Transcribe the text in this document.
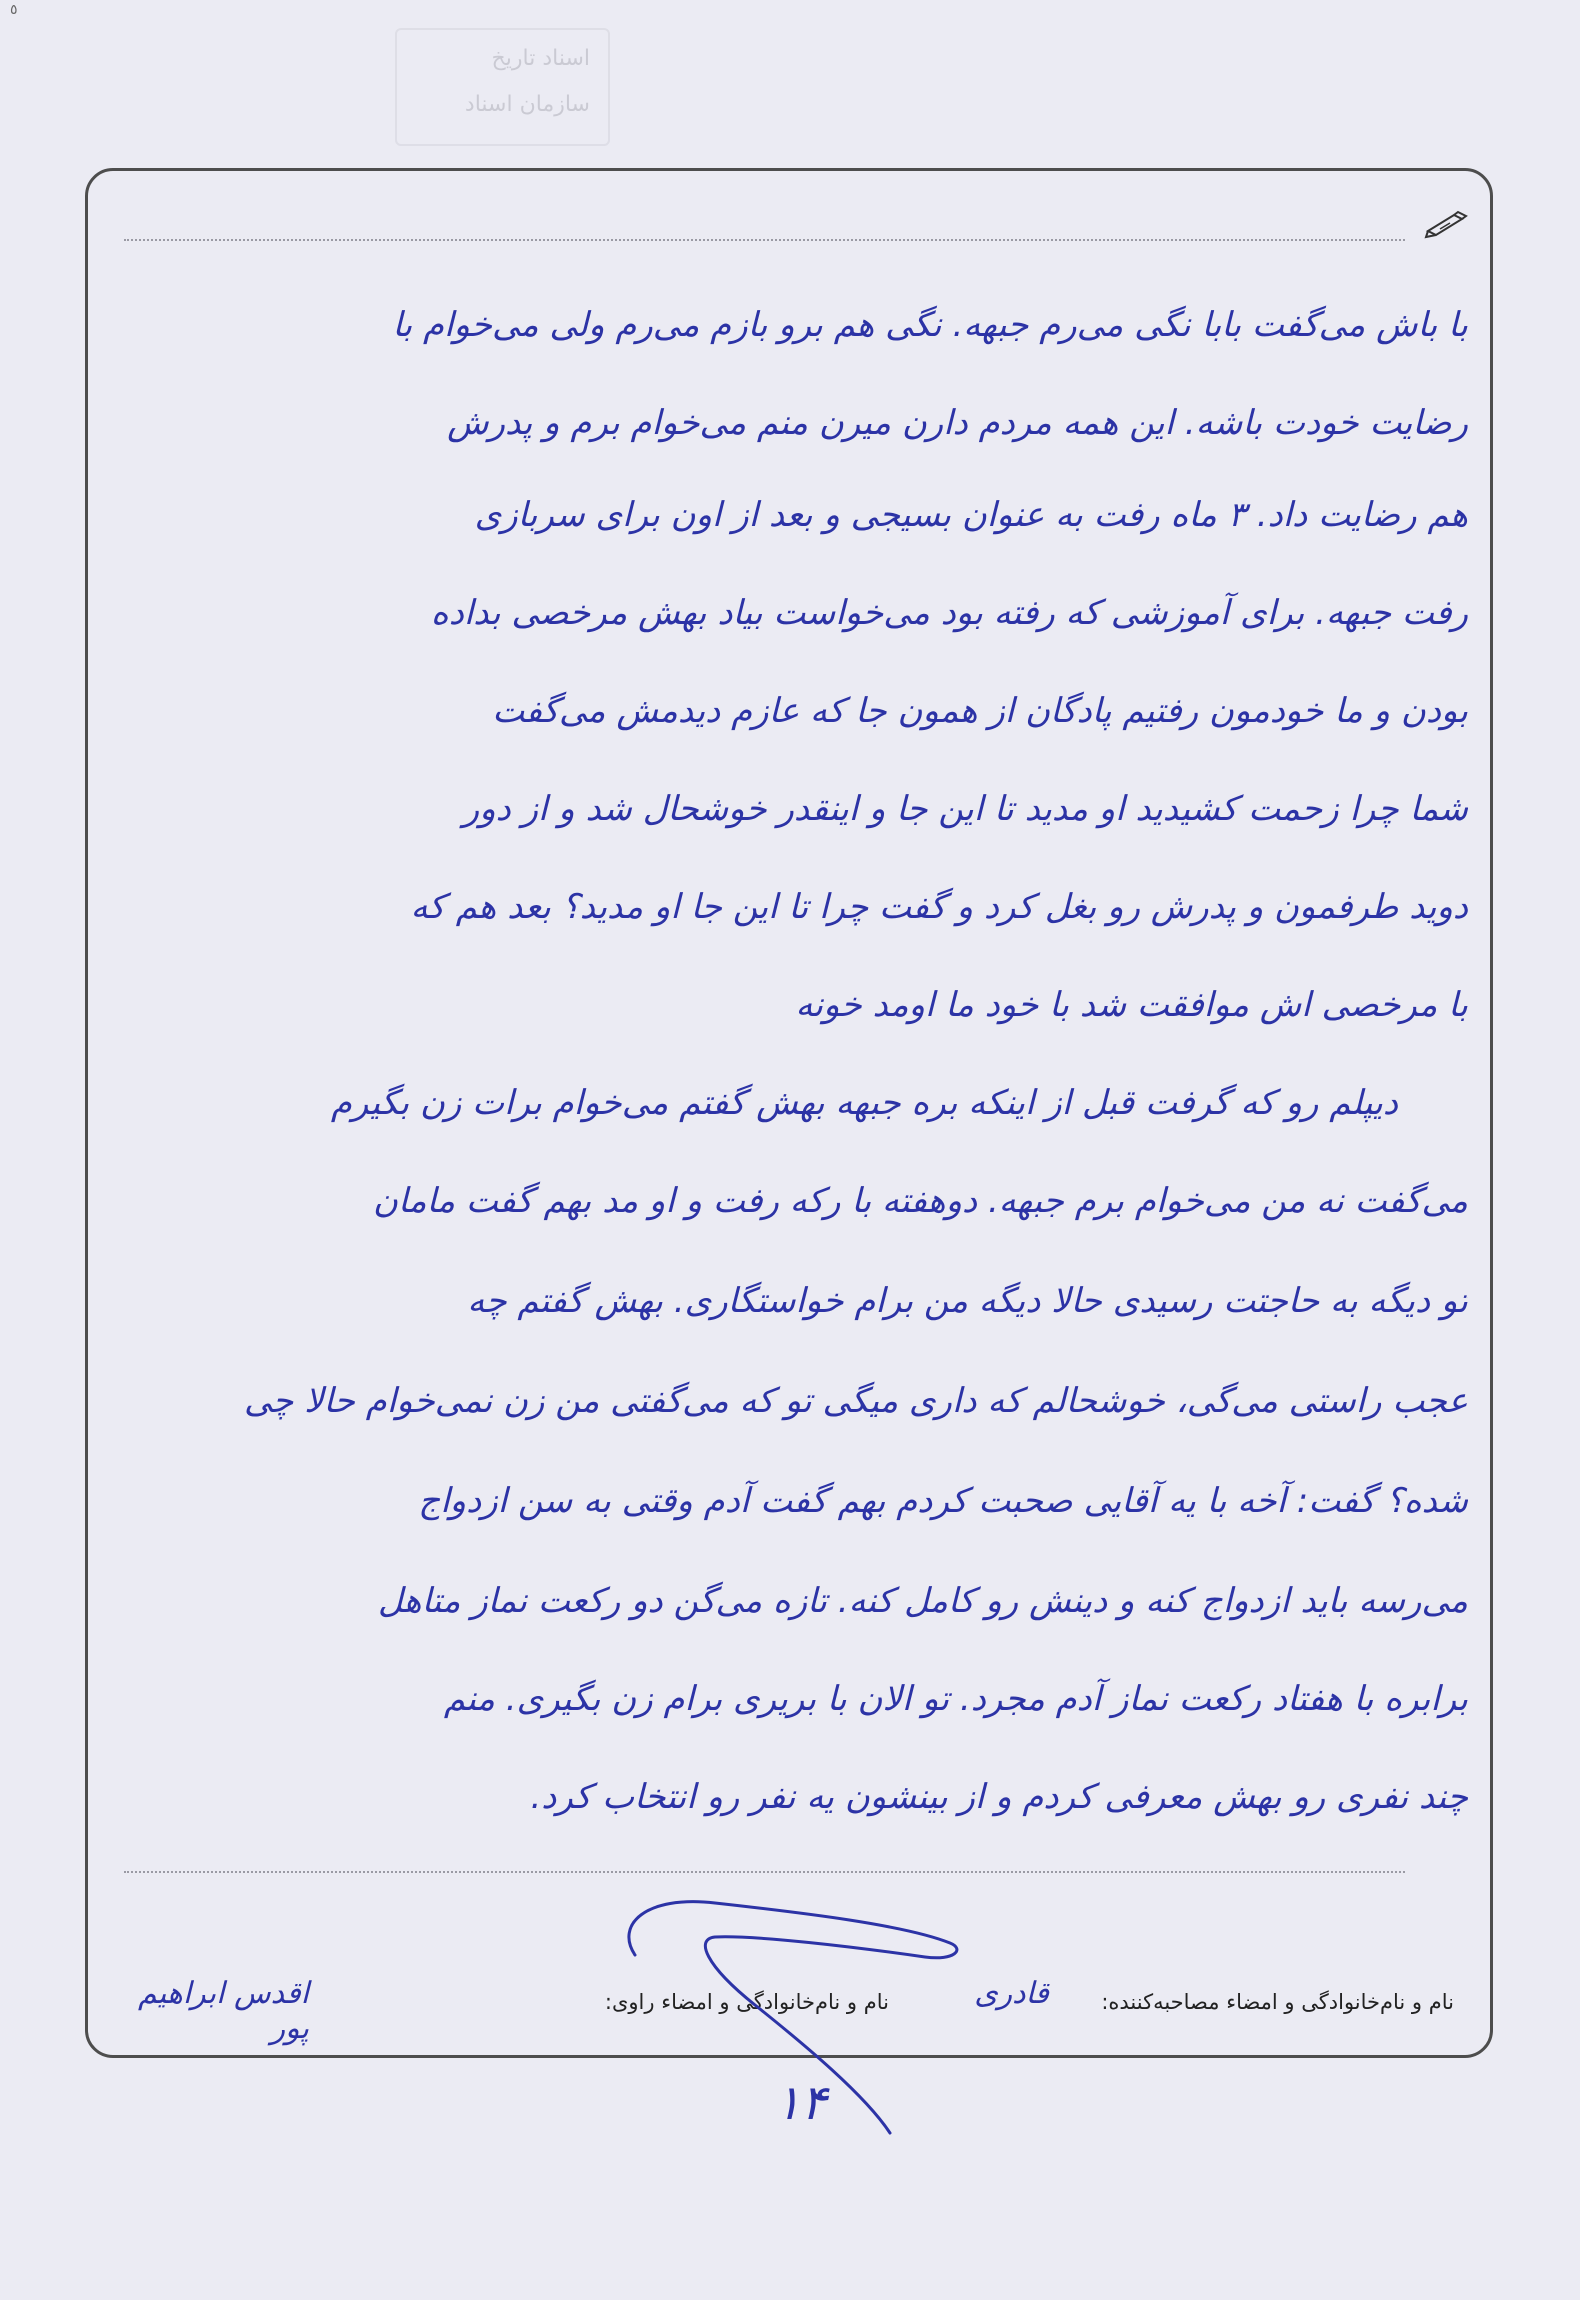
٥
اسناد تاریخ
سازمان اسناد
با باش می‌گفت بابا نگی می‌رم جبهه. نگی هم برو بازم می‌رم ولی می‌خوام با
رضایت خودت باشه. این همه مردم دارن میرن منم می‌خوام برم و پدرش
هم رضایت داد. ۳ ماه رفت به عنوان بسیجی و بعد از اون برای سربازی
رفت جبهه. برای آموزشی که رفته بود می‌خواست بیاد بهش مرخصی بداده
بودن و ما خودمون رفتیم پادگان از همون جا که عازم دیدمش می‌گفت
شما چرا زحمت کشیدید او مدید تا این جا و اینقدر خوشحال شد و از دور
دوید طرفمون و پدرش رو بغل کرد و گفت چرا تا این جا او مدید؟ بعد هم که
با مرخصی اش موافقت شد با خود ما اومد خونه
دیپلم رو که گرفت قبل از اینکه بره جبهه بهش گفتم می‌خوام برات زن بگیرم
می‌گفت نه من می‌خوام برم جبهه. دوهفته با رکه رفت و او مد بهم گفت مامان
تو دیگه به حاجتت رسیدی حالا دیگه من برام خواستگاری. بهش گفتم چه
عجب راستی می‌گی، خوشحالم که داری میگی تو که می‌گفتی من زن نمی‌خوام حالا چی
شده؟ گفت: آخه با یه آقایی صحبت کردم بهم گفت آدم وقتی به سن ازدواج
می‌رسه باید ازدواج کنه و دینش رو کامل کنه. تازه می‌گن دو رکعت نماز متاهل
برابره با هفتاد رکعت نماز آدم مجرد. تو الان با بریری برام زن بگیری. منم
چند نفری رو بهش معرفی کردم و از بینشون یه نفر رو انتخاب کرد.
نام و نام‌خانوادگی و امضاء مصاحبه‌کننده:
قادری
نام و نام‌خانوادگی و امضاء راوی:
اقدس ابراهیم پور
۱۴
